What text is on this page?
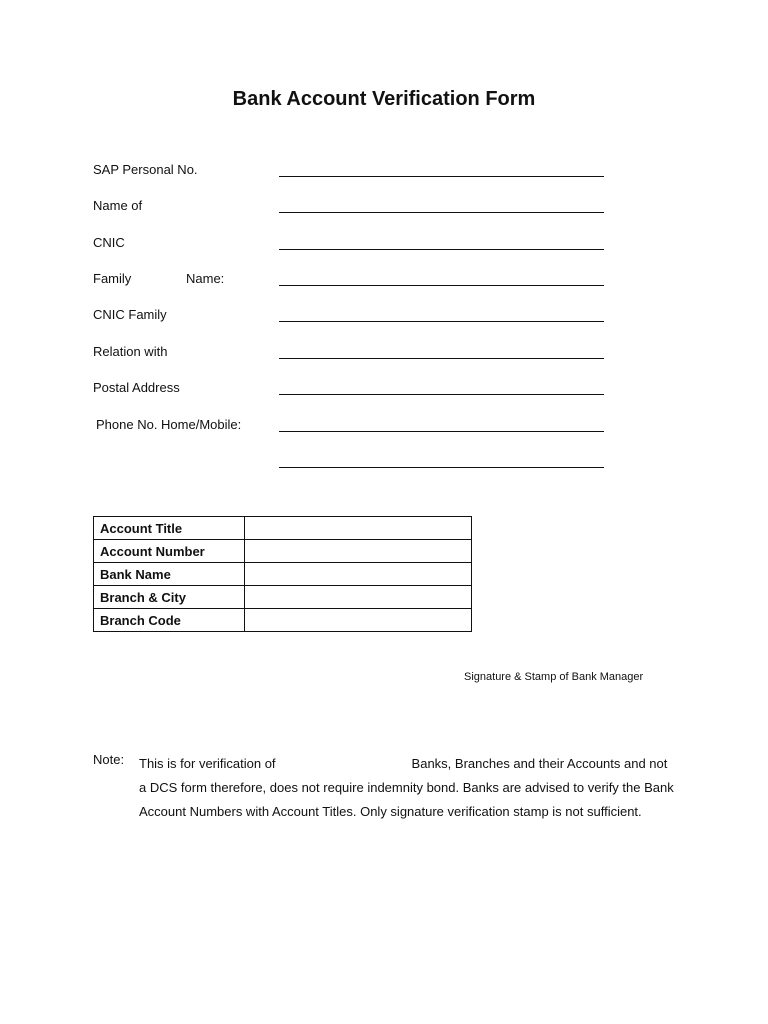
Bank Account Verification Form
SAP Personal No.
Name of
CNIC
Family	Name:
CNIC Family
Relation with
Postal Address
Phone No. Home/Mobile:
Account Title	
Account Number	
Bank Name	
Branch & City	
Branch Code	
Signature & Stamp of Bank Manager
Note: This is for verification of	Banks, Branches and their Accounts and not
a DCS form therefore, does not require indemnity bond. Banks are advised to verify the Bank
Account Numbers with Account Titles. Only signature verification stamp is not sufficient.
